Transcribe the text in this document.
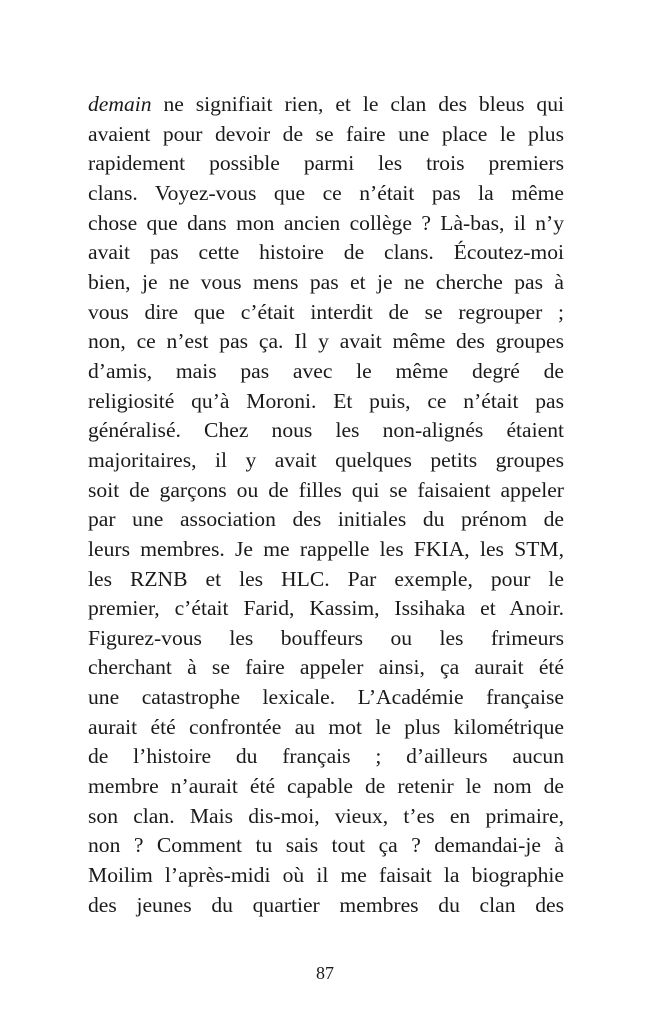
demain ne signifiait rien, et le clan des bleus qui
avaient pour devoir de se faire une place le plus
rapidement possible parmi les trois premiers
clans. Voyez-vous que ce n’était pas la même
chose que dans mon ancien collège ? Là-bas, il n’y
avait pas cette histoire de clans. Écoutez-moi
bien, je ne vous mens pas et je ne cherche pas à
vous dire que c’était interdit de se regrouper ;
non, ce n’est pas ça. Il y avait même des groupes
d’amis, mais pas avec le même degré de
religiosité qu’à Moroni. Et puis, ce n’était pas
généralisé. Chez nous les non-alignés étaient
majoritaires, il y avait quelques petits groupes
soit de garçons ou de filles qui se faisaient appeler
par une association des initiales du prénom de
leurs membres. Je me rappelle les FKIA, les STM,
les RZNB et les HLC. Par exemple, pour le
premier, c’était Farid, Kassim, Issihaka et Anoir.
Figurez-vous les bouffeurs ou les frimeurs
cherchant à se faire appeler ainsi, ça aurait été
une catastrophe lexicale. L’Académie française
aurait été confrontée au mot le plus kilométrique
de l’histoire du français ; d’ailleurs aucun
membre n’aurait été capable de retenir le nom de
son clan. Mais dis-moi, vieux, t’es en primaire,
non ? Comment tu sais tout ça ? demandai-je à
Moilim l’après-midi où il me faisait la biographie
des jeunes du quartier membres du clan des
87
